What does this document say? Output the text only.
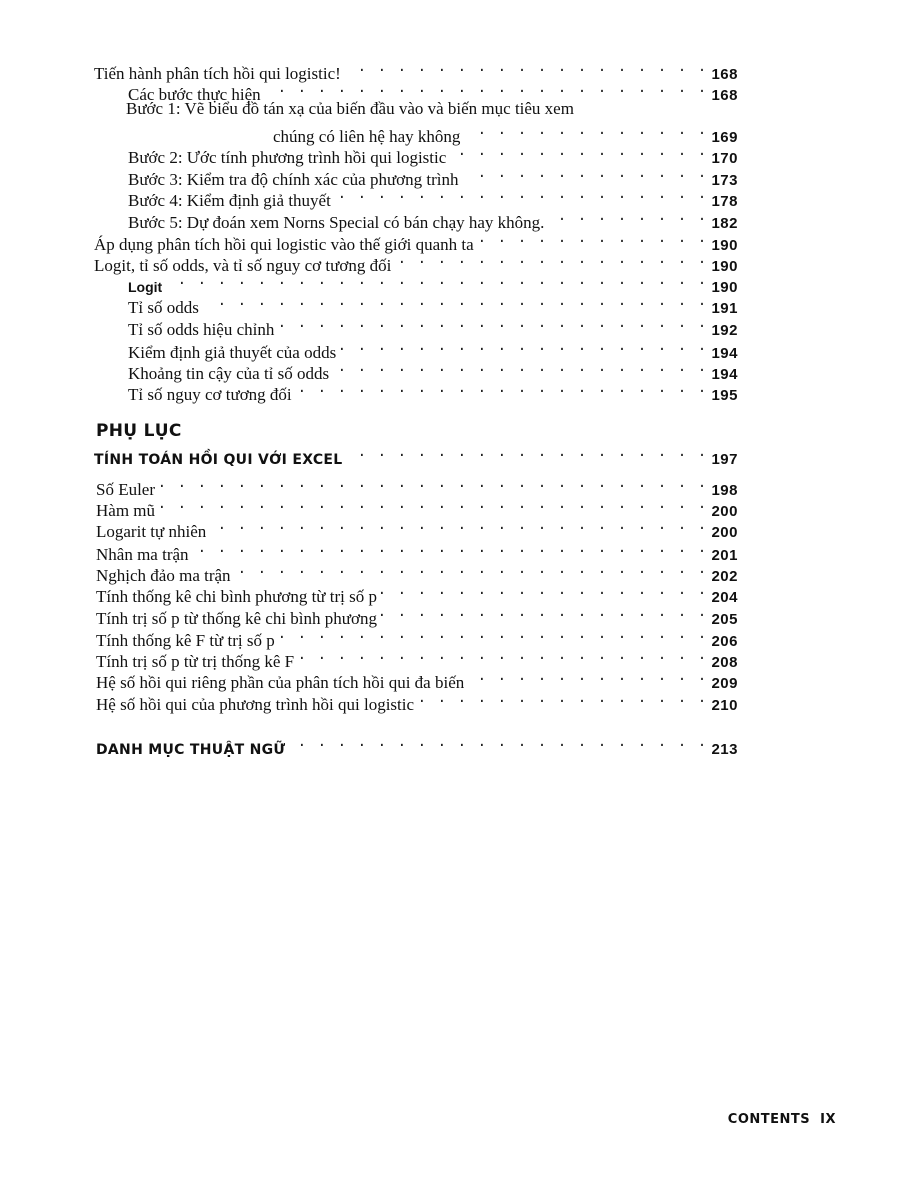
Tiến hành phân tích hồi qui logistic! . . .	168
Các bước thực hiện . . .	168
Bước 1: Vẽ biểu đồ tán xạ của biến đầu vào và biến mục tiêu xem
chúng có liên hệ hay không . . .	169
Bước 2: Ước tính phương trình hồi qui logistic . . .	170
Bước 3: Kiểm tra độ chính xác của phương trình . . .	173
Bước 4: Kiểm định giả thuyết . . .	178
Bước 5: Dự đoán xem Norns Special có bán chạy hay không. . . .	182
Áp dụng phân tích hồi qui logistic vào thế giới quanh ta . . .	190
Logit, tỉ số odds, và tỉ số nguy cơ tương đối . . .	190
Logit . . .	190
Tỉ số odds . . .	191
Tỉ số odds hiệu chỉnh . . .	192
Kiểm định giả thuyết của odds . . .	194
Khoảng tin cậy của tỉ số odds . . .	194
Tỉ số nguy cơ tương đối . . .	195
PHỤ LỤC
TÍNH TOÁN HỒI QUI VỚI EXCEL . . .	197
Số Euler . . .	198
Hàm mũ . . .	200
Logarit tự nhiên . . .	200
Nhân ma trận . . .	201
Nghịch đảo ma trận . . .	202
Tính thống kê chi bình phương từ trị số p . . .	204
Tính trị số p từ thống kê chi bình phương . . .	205
Tính thống kê F từ trị số p . . .	206
Tính trị số p từ trị thống kê F . . .	208
Hệ số hồi qui riêng phần của phân tích hồi qui đa biến . . .	209
Hệ số hồi qui của phương trình hồi qui logistic . . .	210
DANH MỤC THUẬT NGỮ . . .	213
CONTENTS IX
